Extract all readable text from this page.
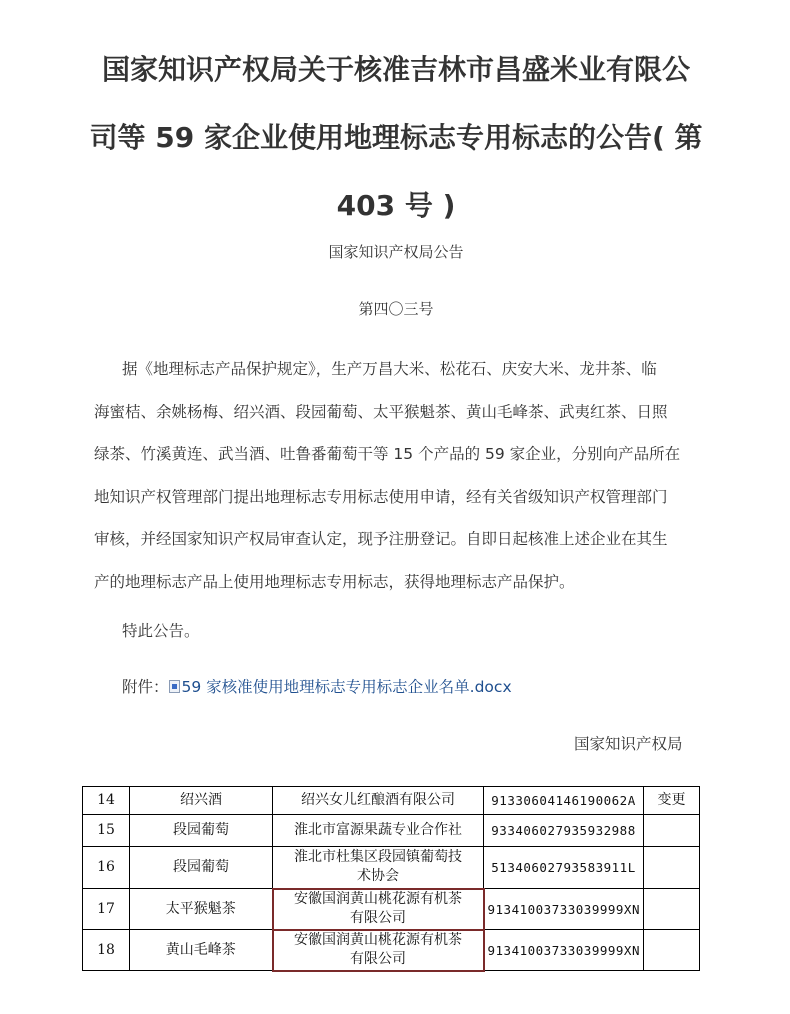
国家知识产权局关于核准吉林市昌盛米业有限公
司等 59 家企业使用地理标志专用标志的公告( 第
403 号 )
国家知识产权局公告
第四〇三号
据《地理标志产品保护规定》，生产万昌大米、松花石、庆安大米、龙井茶、临
海蜜桔、余姚杨梅、绍兴酒、段园葡萄、太平猴魁茶、黄山毛峰茶、武夷红茶、日照
绿茶、竹溪黄连、武当酒、吐鲁番葡萄干等 15 个产品的 59 家企业，分别向产品所在
地知识产权管理部门提出地理标志专用标志使用申请，经有关省级知识产权管理部门
审核，并经国家知识产权局审查认定，现予注册登记。自即日起核准上述企业在其生
产的地理标志产品上使用地理标志专用标志，获得地理标志产品保护。
特此公告。
附件： 59 家核准使用地理标志专用标志企业名单.docx
国家知识产权局
14	绍兴酒	绍兴女儿红酿酒有限公司	91330604146190062A	变更
15	段园葡萄	淮北市富源果蔬专业合作社	933406027935932988	
16	段园葡萄	淮北市杜集区段园镇葡萄技
术协会	51340602793583911L	
17	太平猴魁茶	安徽国润黄山桃花源有机茶
有限公司	91341003733039999XN	
18	黄山毛峰茶	安徽国润黄山桃花源有机茶
有限公司	91341003733039999XN	
